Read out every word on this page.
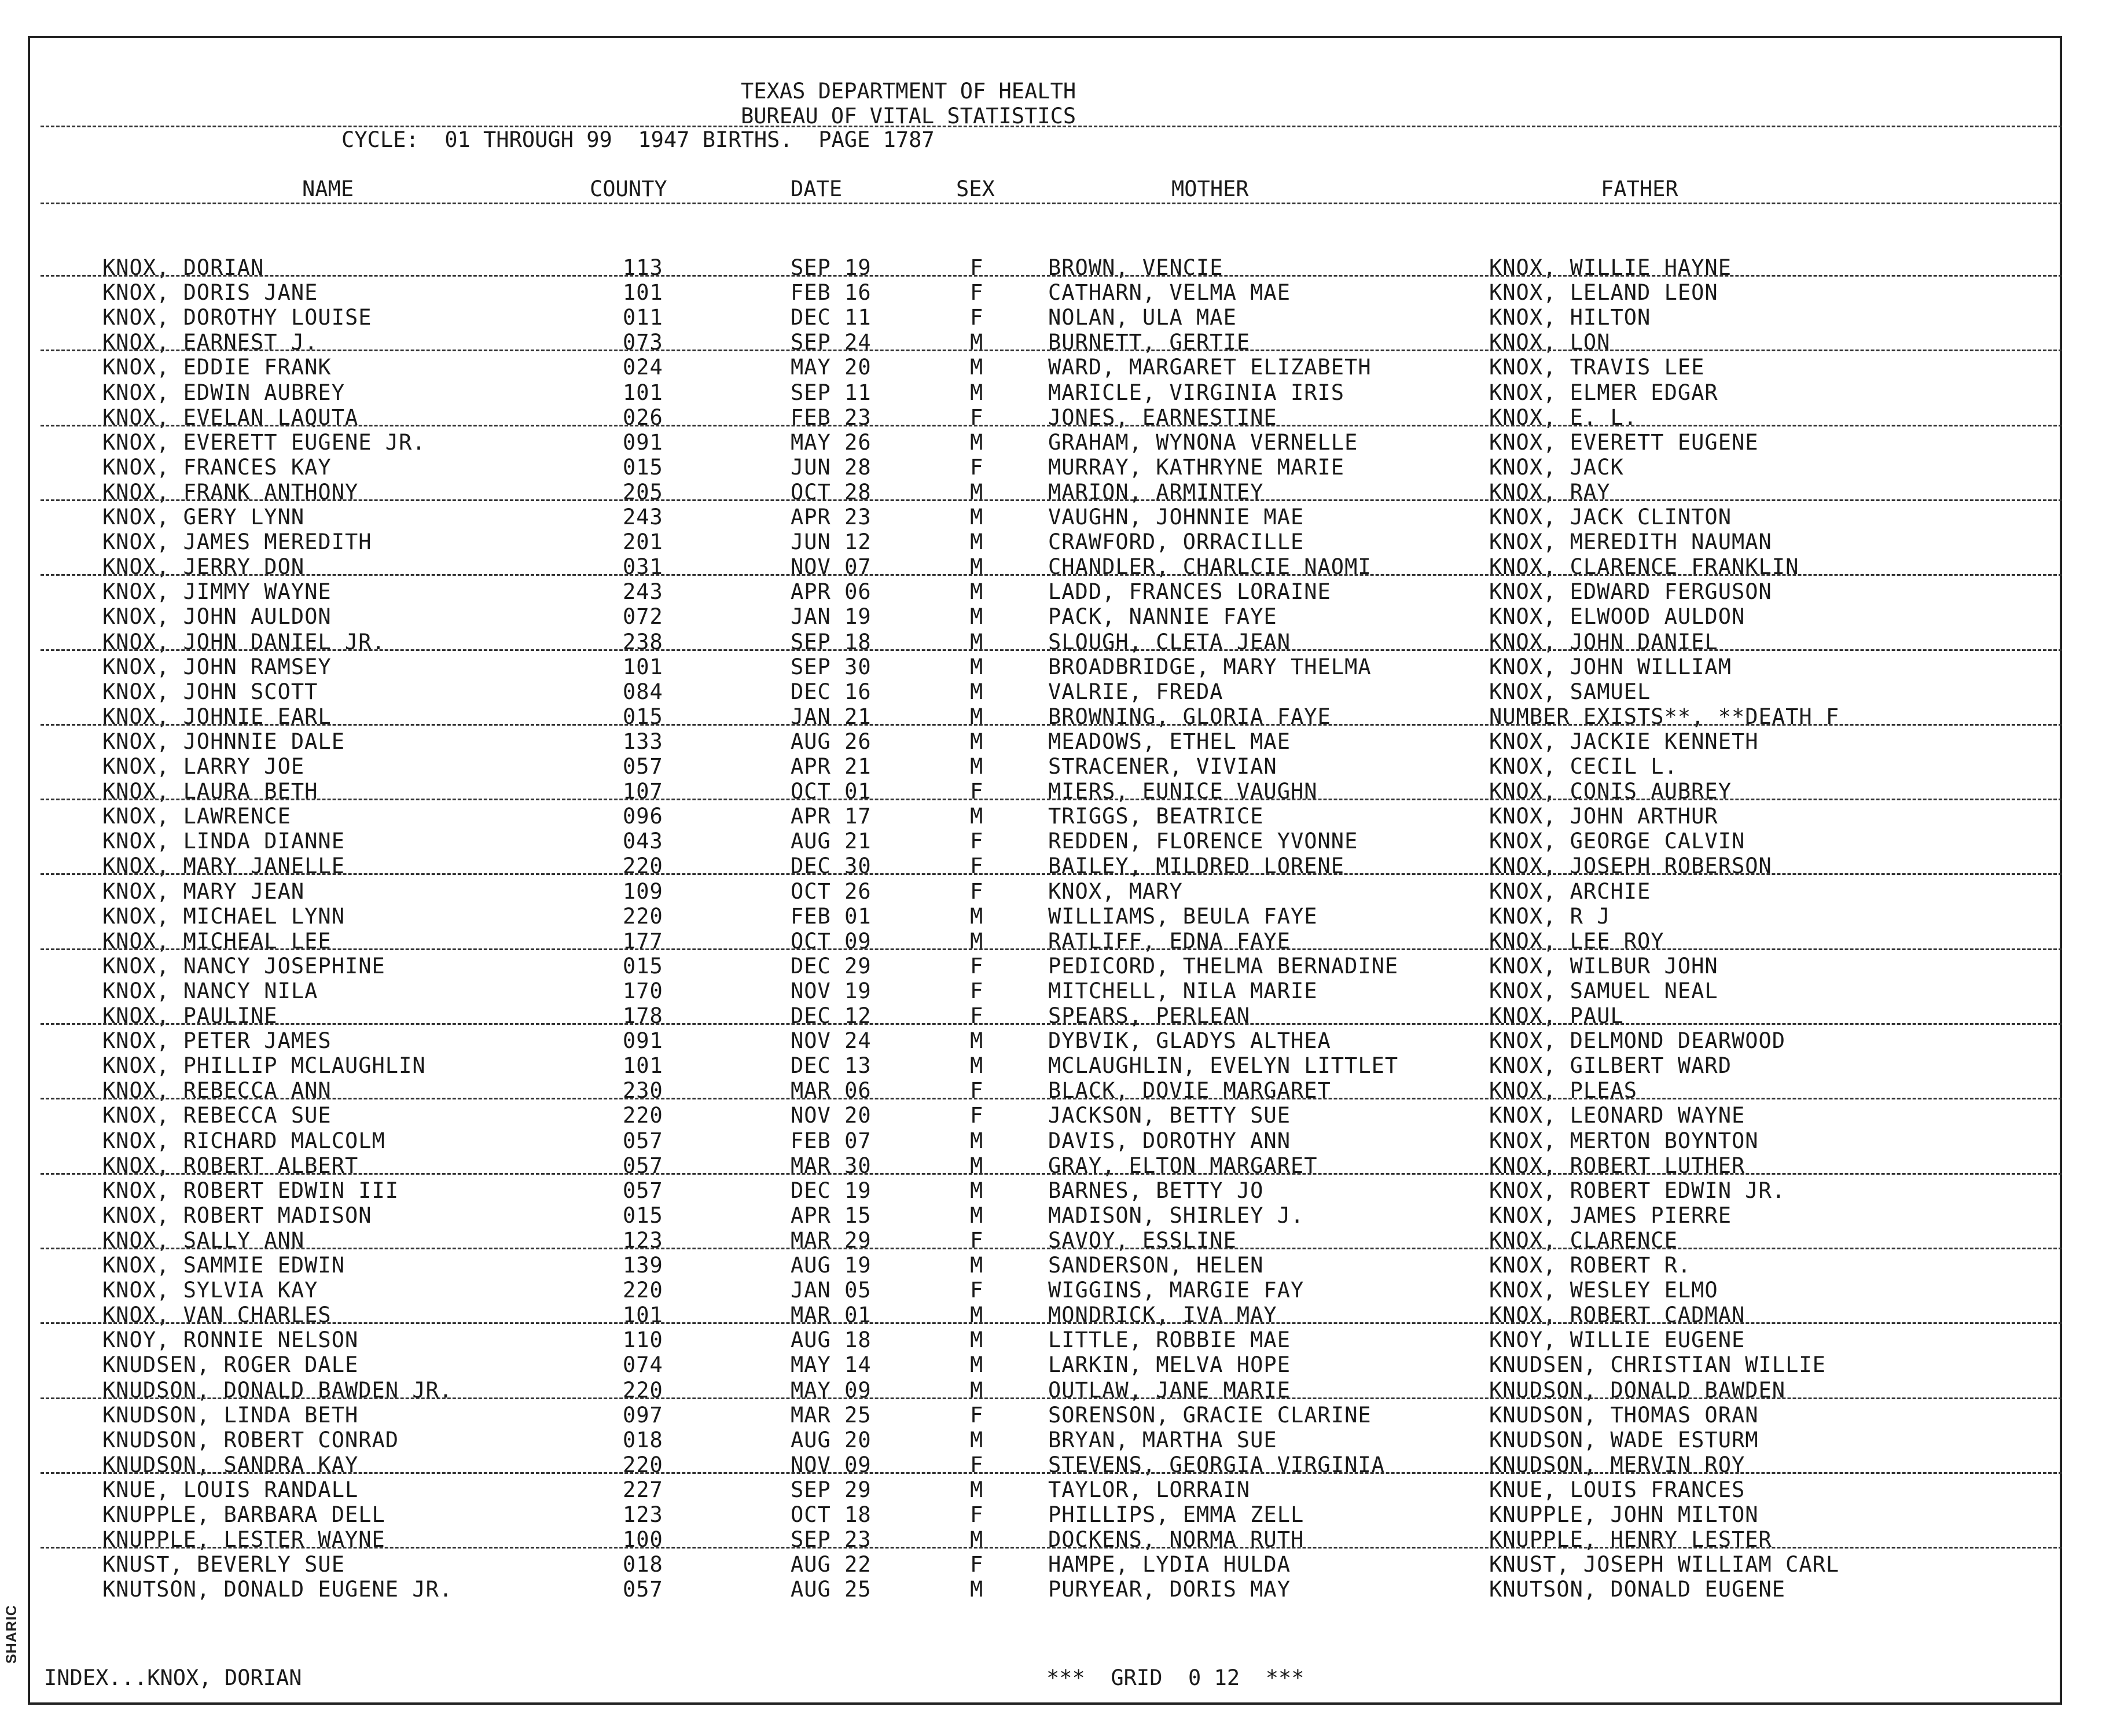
SHARIC
TEXAS DEPARTMENT OF HEALTH
BUREAU OF VITAL STATISTICS
CYCLE:  01 THROUGH 99  1947 BIRTHS.  PAGE 1787
NAME	COUNTY	DATE	SEX	MOTHER	FATHER
KNOX, DORIAN	113	SEP 19	F	BROWN, VENCIE	KNOX, WILLIE HAYNE
KNOX, DORIS JANE	101	FEB 16	F	CATHARN, VELMA MAE	KNOX, LELAND LEON
KNOX, DOROTHY LOUISE	011	DEC 11	F	NOLAN, ULA MAE	KNOX, HILTON
KNOX, EARNEST J.	073	SEP 24	M	BURNETT, GERTIE	KNOX, LON
KNOX, EDDIE FRANK	024	MAY 20	M	WARD, MARGARET ELIZABETH	KNOX, TRAVIS LEE
KNOX, EDWIN AUBREY	101	SEP 11	M	MARICLE, VIRGINIA IRIS	KNOX, ELMER EDGAR
KNOX, EVELAN LAQUTA	026	FEB 23	F	JONES, EARNESTINE	KNOX, E. L.
KNOX, EVERETT EUGENE JR.	091	MAY 26	M	GRAHAM, WYNONA VERNELLE	KNOX, EVERETT EUGENE
KNOX, FRANCES KAY	015	JUN 28	F	MURRAY, KATHRYNE MARIE	KNOX, JACK
KNOX, FRANK ANTHONY	205	OCT 28	M	MARION, ARMINTEY	KNOX, RAY
KNOX, GERY LYNN	243	APR 23	M	VAUGHN, JOHNNIE MAE	KNOX, JACK CLINTON
KNOX, JAMES MEREDITH	201	JUN 12	M	CRAWFORD, ORRACILLE	KNOX, MEREDITH NAUMAN
KNOX, JERRY DON	031	NOV 07	M	CHANDLER, CHARLCIE NAOMI	KNOX, CLARENCE FRANKLIN
KNOX, JIMMY WAYNE	243	APR 06	M	LADD, FRANCES LORAINE	KNOX, EDWARD FERGUSON
KNOX, JOHN AULDON	072	JAN 19	M	PACK, NANNIE FAYE	KNOX, ELWOOD AULDON
KNOX, JOHN DANIEL JR.	238	SEP 18	M	SLOUGH, CLETA JEAN	KNOX, JOHN DANIEL
KNOX, JOHN RAMSEY	101	SEP 30	M	BROADBRIDGE, MARY THELMA	KNOX, JOHN WILLIAM
KNOX, JOHN SCOTT	084	DEC 16	M	VALRIE, FREDA	KNOX, SAMUEL
KNOX, JOHNIE EARL	015	JAN 21	M	BROWNING, GLORIA FAYE	NUMBER EXISTS**, **DEATH F
KNOX, JOHNNIE DALE	133	AUG 26	M	MEADOWS, ETHEL MAE	KNOX, JACKIE KENNETH
KNOX, LARRY JOE	057	APR 21	M	STRACENER, VIVIAN	KNOX, CECIL L.
KNOX, LAURA BETH	107	OCT 01	F	MIERS, EUNICE VAUGHN	KNOX, CONIS AUBREY
KNOX, LAWRENCE	096	APR 17	M	TRIGGS, BEATRICE	KNOX, JOHN ARTHUR
KNOX, LINDA DIANNE	043	AUG 21	F	REDDEN, FLORENCE YVONNE	KNOX, GEORGE CALVIN
KNOX, MARY JANELLE	220	DEC 30	F	BAILEY, MILDRED LORENE	KNOX, JOSEPH ROBERSON
KNOX, MARY JEAN	109	OCT 26	F	KNOX, MARY	KNOX, ARCHIE
KNOX, MICHAEL LYNN	220	FEB 01	M	WILLIAMS, BEULA FAYE	KNOX, R J
KNOX, MICHEAL LEE	177	OCT 09	M	RATLIFF, EDNA FAYE	KNOX, LEE ROY
KNOX, NANCY JOSEPHINE	015	DEC 29	F	PEDICORD, THELMA BERNADINE	KNOX, WILBUR JOHN
KNOX, NANCY NILA	170	NOV 19	F	MITCHELL, NILA MARIE	KNOX, SAMUEL NEAL
KNOX, PAULINE	178	DEC 12	F	SPEARS, PERLEAN	KNOX, PAUL
KNOX, PETER JAMES	091	NOV 24	M	DYBVIK, GLADYS ALTHEA	KNOX, DELMOND DEARWOOD
KNOX, PHILLIP MCLAUGHLIN	101	DEC 13	M	MCLAUGHLIN, EVELYN LITTLET	KNOX, GILBERT WARD
KNOX, REBECCA ANN	230	MAR 06	F	BLACK, DOVIE MARGARET	KNOX, PLEAS
KNOX, REBECCA SUE	220	NOV 20	F	JACKSON, BETTY SUE	KNOX, LEONARD WAYNE
KNOX, RICHARD MALCOLM	057	FEB 07	M	DAVIS, DOROTHY ANN	KNOX, MERTON BOYNTON
KNOX, ROBERT ALBERT	057	MAR 30	M	GRAY, ELTON MARGARET	KNOX, ROBERT LUTHER
KNOX, ROBERT EDWIN III	057	DEC 19	M	BARNES, BETTY JO	KNOX, ROBERT EDWIN JR.
KNOX, ROBERT MADISON	015	APR 15	M	MADISON, SHIRLEY J.	KNOX, JAMES PIERRE
KNOX, SALLY ANN	123	MAR 29	F	SAVOY, ESSLINE	KNOX, CLARENCE
KNOX, SAMMIE EDWIN	139	AUG 19	M	SANDERSON, HELEN	KNOX, ROBERT R.
KNOX, SYLVIA KAY	220	JAN 05	F	WIGGINS, MARGIE FAY	KNOX, WESLEY ELMO
KNOX, VAN CHARLES	101	MAR 01	M	MONDRICK, IVA MAY	KNOX, ROBERT CADMAN
KNOY, RONNIE NELSON	110	AUG 18	M	LITTLE, ROBBIE MAE	KNOY, WILLIE EUGENE
KNUDSEN, ROGER DALE	074	MAY 14	M	LARKIN, MELVA HOPE	KNUDSEN, CHRISTIAN WILLIE
KNUDSON, DONALD BAWDEN JR.	220	MAY 09	M	OUTLAW, JANE MARIE	KNUDSON, DONALD BAWDEN
KNUDSON, LINDA BETH	097	MAR 25	F	SORENSON, GRACIE CLARINE	KNUDSON, THOMAS ORAN
KNUDSON, ROBERT CONRAD	018	AUG 20	M	BRYAN, MARTHA SUE	KNUDSON, WADE ESTURM
KNUDSON, SANDRA KAY	220	NOV 09	F	STEVENS, GEORGIA VIRGINIA	KNUDSON, MERVIN ROY
KNUE, LOUIS RANDALL	227	SEP 29	M	TAYLOR, LORRAIN	KNUE, LOUIS FRANCES
KNUPPLE, BARBARA DELL	123	OCT 18	F	PHILLIPS, EMMA ZELL	KNUPPLE, JOHN MILTON
KNUPPLE, LESTER WAYNE	100	SEP 23	M	DOCKENS, NORMA RUTH	KNUPPLE, HENRY LESTER
KNUST, BEVERLY SUE	018	AUG 22	F	HAMPE, LYDIA HULDA	KNUST, JOSEPH WILLIAM CARL
KNUTSON, DONALD EUGENE JR.	057	AUG 25	M	PURYEAR, DORIS MAY	KNUTSON, DONALD EUGENE
INDEX...KNOX, DORIAN	***  GRID  0 12  ***
